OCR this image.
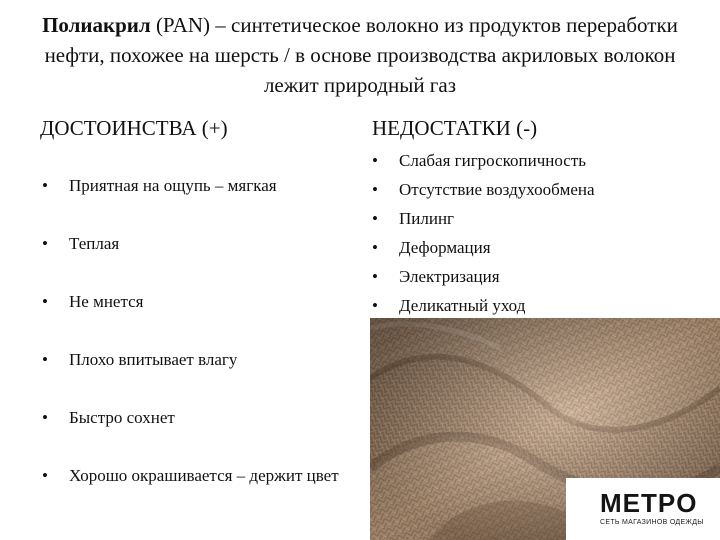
Полиакрил (PAN) – синтетическое волокно из продуктов переработки нефти, похожее на шерсть / в основе производства акриловых волокон лежит природный газ
ДОСТОИНСТВА (+)	НЕДОСТАТКИ (-)
• Приятная на ощупь – мягкая
• Теплая
• Не мнется
• Плохо впитывает влагу
• Быстро сохнет
• Хорошо окрашивается – держит цвет
• Слабая гигроскопичность
• Отсутствие воздухообмена
• Пилинг
• Деформация
• Электризация
• Деликатный уход
METPO
СЕТЬ МАГАЗИНОВ ОДЕЖДЫ
